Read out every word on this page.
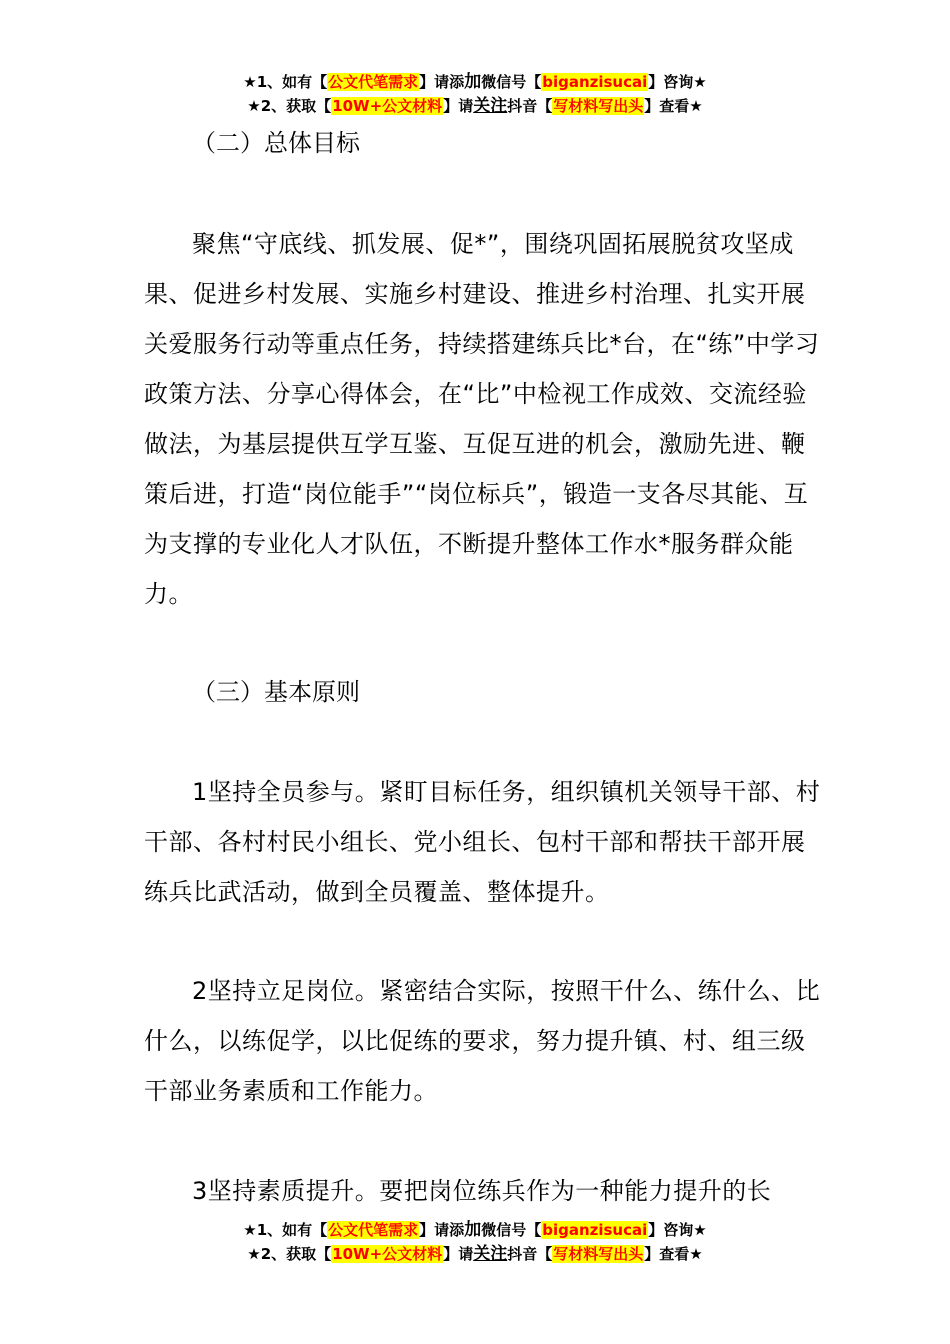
★1、如有【公文代笔需求】请添加微信号【biganzisucai】咨询★
★2、获取【10W+公文材料】请关注抖音【写材料写出头】查看★

（二）总体目标

聚焦“守底线、抓发展、促*”，围绕巩固拓展脱贫攻坚成果、促进乡村发展、实施乡村建设、推进乡村治理、扎实开展关爱服务行动等重点任务，持续搭建练兵比*台，在“练”中学习政策方法、分享心得体会，在“比”中检视工作成效、交流经验做法，为基层提供互学互鉴、互促互进的机会，激励先进、鞭策后进，打造“岗位能手”“岗位标兵”，锻造一支各尽其能、互为支撑的专业化人才队伍，不断提升整体工作水*服务群众能力。

（三）基本原则

1坚持全员参与。紧盯目标任务，组织镇机关领导干部、村干部、各村村民小组长、党小组长、包村干部和帮扶干部开展练兵比武活动，做到全员覆盖、整体提升。

2坚持立足岗位。紧密结合实际，按照干什么、练什么、比什么，以练促学，以比促练的要求，努力提升镇、村、组三级干部业务素质和工作能力。

3坚持素质提升。要把岗位练兵作为一种能力提升的长

★1、如有【公文代笔需求】请添加微信号【biganzisucai】咨询★
★2、获取【10W+公文材料】请关注抖音【写材料写出头】查看★
